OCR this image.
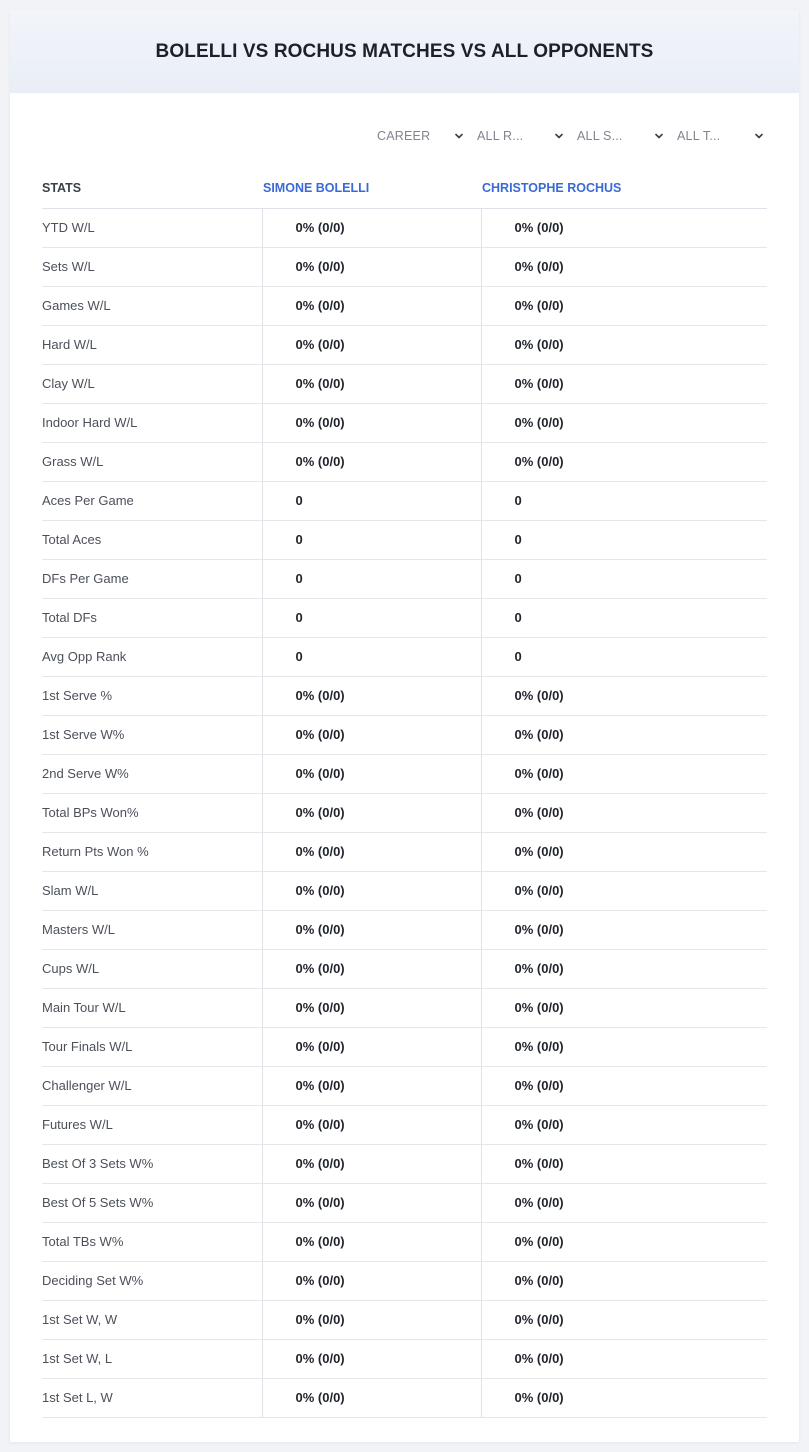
BOLELLI VS ROCHUS MATCHES VS ALL OPPONENTS
CAREER	ALL R...	ALL S...	ALL T...
STATS	SIMONE BOLELLI	CHRISTOPHE ROCHUS
YTD W/L	0% (0/0)	0% (0/0)
Sets W/L	0% (0/0)	0% (0/0)
Games W/L	0% (0/0)	0% (0/0)
Hard W/L	0% (0/0)	0% (0/0)
Clay W/L	0% (0/0)	0% (0/0)
Indoor Hard W/L	0% (0/0)	0% (0/0)
Grass W/L	0% (0/0)	0% (0/0)
Aces Per Game	0	0
Total Aces	0	0
DFs Per Game	0	0
Total DFs	0	0
Avg Opp Rank	0	0
1st Serve %	0% (0/0)	0% (0/0)
1st Serve W%	0% (0/0)	0% (0/0)
2nd Serve W%	0% (0/0)	0% (0/0)
Total BPs Won%	0% (0/0)	0% (0/0)
Return Pts Won %	0% (0/0)	0% (0/0)
Slam W/L	0% (0/0)	0% (0/0)
Masters W/L	0% (0/0)	0% (0/0)
Cups W/L	0% (0/0)	0% (0/0)
Main Tour W/L	0% (0/0)	0% (0/0)
Tour Finals W/L	0% (0/0)	0% (0/0)
Challenger W/L	0% (0/0)	0% (0/0)
Futures W/L	0% (0/0)	0% (0/0)
Best Of 3 Sets W%	0% (0/0)	0% (0/0)
Best Of 5 Sets W%	0% (0/0)	0% (0/0)
Total TBs W%	0% (0/0)	0% (0/0)
Deciding Set W%	0% (0/0)	0% (0/0)
1st Set W, W	0% (0/0)	0% (0/0)
1st Set W, L	0% (0/0)	0% (0/0)
1st Set L, W	0% (0/0)	0% (0/0)
